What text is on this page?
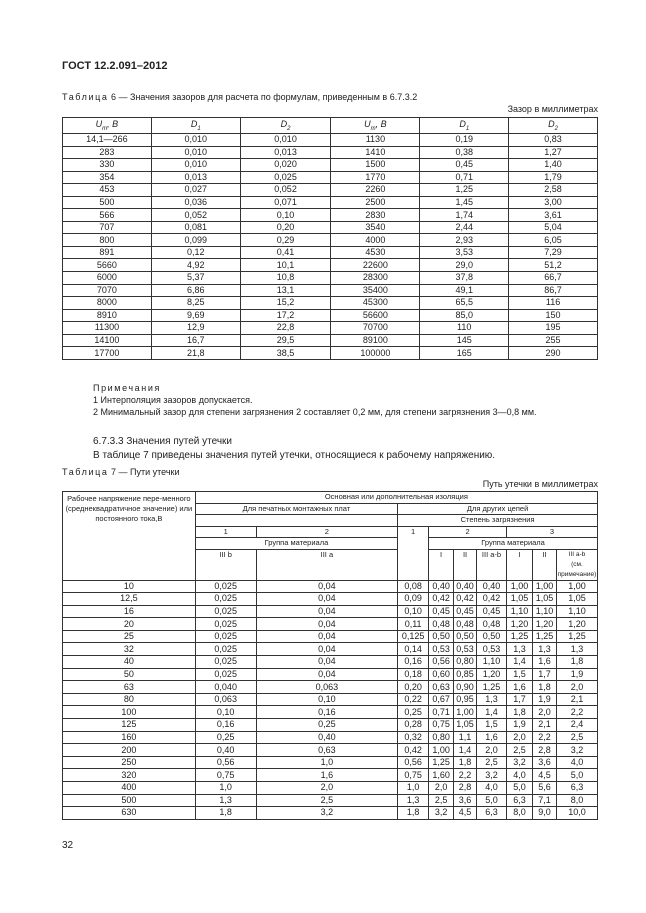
ГОСТ 12.2.091–2012
Таблица 6 — Значения зазоров для расчета по формулам, приведенным в 6.7.3.2
Зазор в миллиметрах
$U_m$, В	$D_1$	$D_2$	$U_m$, В	$D_1$	$D_2$
14,1—266	0,010	0,010	1130	0,19	0,83
283	0,010	0,013	1410	0,38	1,27
330	0,010	0,020	1500	0,45	1,40
354	0,013	0,025	1770	0,71	1,79
453	0,027	0,052	2260	1,25	2,58
500	0,036	0,071	2500	1,45	3,00
566	0,052	0,10	2830	1,74	3,61
707	0,081	0,20	3540	2,44	5,04
800	0,099	0,29	4000	2,93	6,05
891	0,12	0,41	4530	3,53	7,29
5660	4,92	10,1	22600	29,0	51,2
6000	5,37	10,8	28300	37,8	66,7
7070	6,86	13,1	35400	49,1	86,7
8000	8,25	15,2	45300	65,5	116
8910	9,69	17,2	56600	85,0	150
11300	12,9	22,8	70700	110	195
14100	16,7	29,5	89100	145	255
17700	21,8	38,5	100000	165	290
Примечания
1 Интерполяция зазоров допускается.
2 Минимальный зазор для степени загрязнения 2 составляет 0,2 мм, для степени загрязнения 3—0,8 мм.
6.7.3.3 Значения путей утечки
В таблице 7 приведены значения путей утечки, относящиеся к рабочему напряжению.
Таблица 7 — Пути утечки
Путь утечки в миллиметрах
Рабочее напряжение пере-менного (среднеквадратичное значение) или постоянного тока,В	Основная или дополнительная изоляция								
	Для печатных монтажных плат		Для других цепей						
			Степень загрязнения						
	1	2	1	2			3		
	Группа материала			Группа материала					
	III b	III a		I	II	III a-b	I	II	III a-b
(см. примечание)
10	0,025	0,04	0,08	0,40	0,40	0,40	1,00	1,00	1,00
12,5	0,025	0,04	0,09	0,42	0,42	0,42	1,05	1,05	1,05
16	0,025	0,04	0,10	0,45	0,45	0,45	1,10	1,10	1,10
20	0,025	0,04	0,11	0,48	0,48	0,48	1,20	1,20	1,20
25	0,025	0,04	0,125	0,50	0,50	0,50	1,25	1,25	1,25
32	0,025	0,04	0,14	0,53	0,53	0,53	1,3	1,3	1,3
40	0,025	0,04	0,16	0,56	0,80	1,10	1,4	1,6	1,8
50	0,025	0,04	0,18	0,60	0,85	1,20	1,5	1,7	1,9
63	0,040	0,063	0,20	0,63	0,90	1,25	1,6	1,8	2,0
80	0,063	0,10	0,22	0,67	0,95	1,3	1,7	1,9	2,1
100	0,10	0,16	0,25	0,71	1,00	1,4	1,8	2,0	2,2
125	0,16	0,25	0,28	0,75	1,05	1,5	1,9	2,1	2,4
160	0,25	0,40	0,32	0,80	1,1	1,6	2,0	2,2	2,5
200	0,40	0,63	0,42	1,00	1,4	2,0	2,5	2,8	3,2
250	0,56	1,0	0,56	1,25	1,8	2,5	3,2	3,6	4,0
320	0,75	1,6	0,75	1,60	2,2	3,2	4,0	4,5	5,0
400	1,0	2,0	1,0	2,0	2,8	4,0	5,0	5,6	6,3
500	1,3	2,5	1,3	2,5	3,6	5,0	6,3	7,1	8,0
630	1,8	3,2	1,8	3,2	4,5	6,3	8,0	9,0	10,0
32
